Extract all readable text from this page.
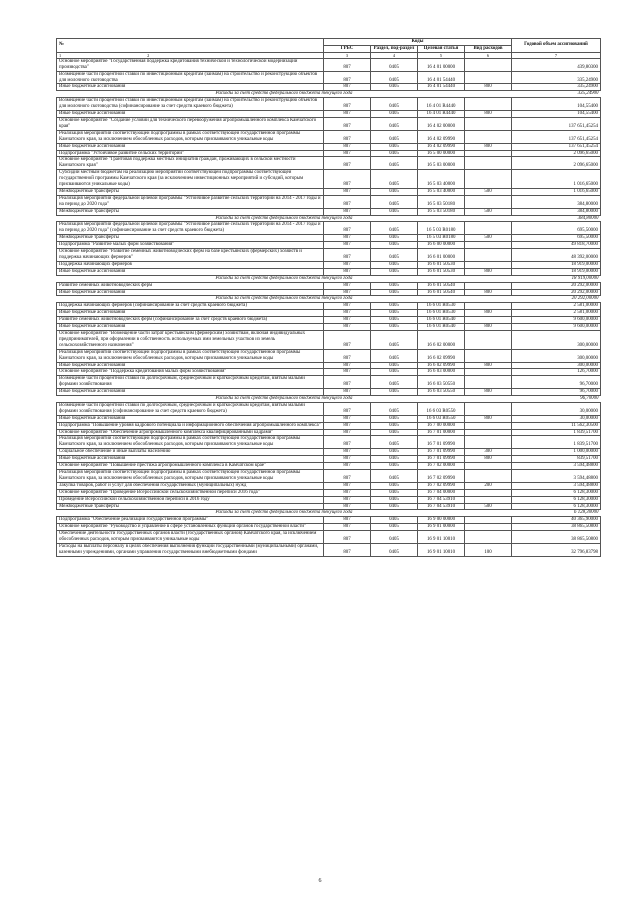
№	Коды				Годовой объем ассигнований
	ГРБС	Раздел, под-раздел	Целевая статья	Вид расходов	
1 2	3	4	5	6	7
Основное мероприятие "Государственная поддержка кредитования технической и технологической модернизации производства"	807	0405	16 4 01 00000		439,80300
Возмещение части процентной ставки по инвестиционным кредитам (займам) на строительство и реконструкцию объектов для молочного скотоводства	807	0405	16 4 01 54440		335,24900
Иные бюджетные ассигнования	807	0405	16 4 01 54440	800	335,24900
Расходы за счет средств федерального бюджета текущего года					335,24900
Возмещение части процентной ставки по инвестиционным кредитам (займам) на строительство и реконструкцию объектов для молочного скотоводства (софинансирование за счет средств краевого бюджета)	807	0405	16 4 01 R4440		104,55400
Иные бюджетные ассигнования	807	0405	16 4 01 R4440	800	104,55400
Основное мероприятие "Создание условий для технического перевооружения агропромышленного комплекса Камчатского края"	807	0405	16 4 02 00000		137 651,45254
Реализация мероприятий соответствующей подпрограммы в рамках соответствующей государственной программы Камчатского края, за исключением обособленных расходов, которым присваиваются уникальные коды	807	0405	16 4 02 09990		137 651,45254
Иные бюджетные ассигнования	807	0405	16 4 02 09990	800	137 651,45254
Подпрограмма "Устойчивое развитие сельских территорий"	807	0405	16 5 00 00000		2 096,65000
Основное мероприятие "Грантовая поддержка местных инициатив граждан, проживающих в сельской местности Камчатского края"	807	0405	16 5 03 00000		2 096,65000
Субсидии местным бюджетам на реализацию мероприятий соответствующей подпрограммы соответствующей государственной программы Камчатского края (за исключением инвестиционных мероприятий и субсидий, которым присваиваются уникальные коды)	807	0405	16 5 03 40000		1 016,65000
Межбюджетные трансферты	807	0405	16 5 03 40000	500	1 016,65000
Реализация мероприятий федеральной целевой программы "Устойчивое развитие сельских территорий на 2014 - 2017 годы и на период до 2020 года"	807	0405	16 5 03 50180		384,80000
Межбюджетные трансферты	807	0405	16 5 03 50180	500	384,80000
Расходы за счет средств федерального бюджета текущего года					384,80000
Реализация мероприятий федеральной целевой программы "Устойчивое развитие сельских территорий на 2014 - 2017 годы и на период до 2020 года" (софинансирование за счет средств краевого бюджета)	807	0405	16 5 03 R0180		695,50000
Межбюджетные трансферты	807	0405	16 5 03 R0180	500	695,50000
Подпрограмма "Развитие малых форм хозяйствования"	807	0405	16 6 00 00000		49 818,70000
Основное мероприятие "Развитие семейных животноводческих ферм на базе крестьянских (фермерских) хозяйств и поддержка начинающих фермеров"	807	0405	16 6 01 00000		48 392,00000
Поддержка начинающих фермеров	807	0405	16 6 01 50530		18 919,00000
Иные бюджетные ассигнования	807	0405	16 6 01 50530	800	18 919,00000
Расходы за счет средств федерального бюджета текущего года					18 919,00000
Развитие семейных животноводческих ферм	807	0405	16 6 01 50540		20 292,00000
Иные бюджетные ассигнования	807	0405	16 6 01 50540	800	20 292,00000
Расходы за счет средств федерального бюджета текущего года					20 292,00000
Поддержка начинающих фермеров (софинансирование за счет средств краевого бюджета)	807	0405	16 6 01 R0530		2 581,00000
Иные бюджетные ассигнования	807	0405	16 6 01 R0530	800	2 581,00000
Развитие семейных животноводческих ферм (софинансирование за счет средств краевого бюджета)	807	0405	16 6 01 R0540		9 600,00000
Иные бюджетные ассигнования	807	0405	16 6 01 R0540	800	9 600,00000
Основное мероприятие "Возмещение части затрат крестьянским (фермерским) хозяйствам, включая индивидуальных предпринимателей, при оформлении в собственность используемых ими земельных участков из земель сельскохозяйственного назначения"	807	0405	16 6 02 00000		300,00000
Реализация мероприятий соответствующей подпрограммы в рамках соответствующей государственной программы Камчатского края, за исключением обособленных расходов, которым присваиваются уникальные коды	807	0405	16 6 02 09990		300,00000
Иные бюджетные ассигнования	807	0405	16 6 02 09990	800	300,00000
Основное мероприятие "Поддержка кредитования малых форм хозяйствования"	807	0405	16 6 03 00000		126,70000
Возмещение части процентной ставки по долгосрочным, среднесрочным и краткосрочным кредитам, взятым малыми формами хозяйствования	807	0405	16 6 03 50550		96,70000
Иные бюджетные ассигнования	807	0405	16 6 03 50550	800	96,70000
Расходы за счет средств федерального бюджета текущего года					96,70000
Возмещение части процентной ставки по долгосрочным, среднесрочным и краткосрочным кредитам, взятым малыми формами хозяйствования (софинансирование за счет средств краевого бюджета)	807	0405	16 6 03 R0550		30,00000
Иные бюджетные ассигнования	807	0405	16 6 03 R0550	800	30,00000
Подпрограмма "Повышение уровня кадрового потенциала и информационного обеспечения агропромышленного комплекса"	807	0405	16 7 00 00000		11 562,30500
Основное мероприятие "Обеспечение агропромышленного комплекса квалифицированными кадрами"	807	0405	16 7 01 00000		1 839,51700
Реализация мероприятий соответствующей подпрограммы в рамках соответствующей государственной программы Камчатского края, за исключением обособленных расходов, которым присваиваются уникальные коды	807	0405	16 7 01 09990		1 839,51700
Социальное обеспечение и иные выплаты населению	807	0405	16 7 01 09990	300	1 000,00000
Иные бюджетные ассигнования	807	0405	16 7 01 09990	800	839,51700
Основное мероприятие "Повышение престижа агропромышленного комплекса в Камчатском крае"	807	0405	16 7 02 00000		3 594,48800
Реализация мероприятий соответствующей подпрограммы в рамках соответствующей государственной программы Камчатского края, за исключением обособленных расходов, которым присваиваются уникальные коды	807	0405	16 7 02 09990		3 594,48800
Закупка товаров, работ и услуг для обеспечения государственных (муниципальных) нужд	807	0405	16 7 02 09990	200	3 594,48800
Основное мероприятие "Проведение Всероссийской сельскохозяйственной переписи 2016 года"	807	0405	16 7 04 00000		6 128,30000
Проведение Всероссийской сельскохозяйственной переписи в 2016 году	807	0405	16 7 04 53910		6 128,30000
Межбюджетные трансферты	807	0405	16 7 04 53910	500	6 128,30000
Расходы за счет средств федерального бюджета текущего года					6 128,30000
Подпрограмма "Обеспечение реализации государственной программы"	807	0405	16 9 00 00000		40 365,90000
Основное мероприятие "Руководство и управление в сфере установленных функций органов государственной власти"	807	0405	16 9 01 00000		38 865,50800
Обеспечение деятельности государственных органов власти (государственных органов) Камчатского края, за исключением обособленных расходов, которым присваиваются уникальные коды	807	0405	16 9 01 10010		38 865,50800
Расходы на выплаты персоналу в целях обеспечения выполнения функций государственными (муниципальными) органами, казенными учреждениями, органами управления государственными внебюджетными фондами	807	0405	16 9 01 10010	100	32 796,83798
6
